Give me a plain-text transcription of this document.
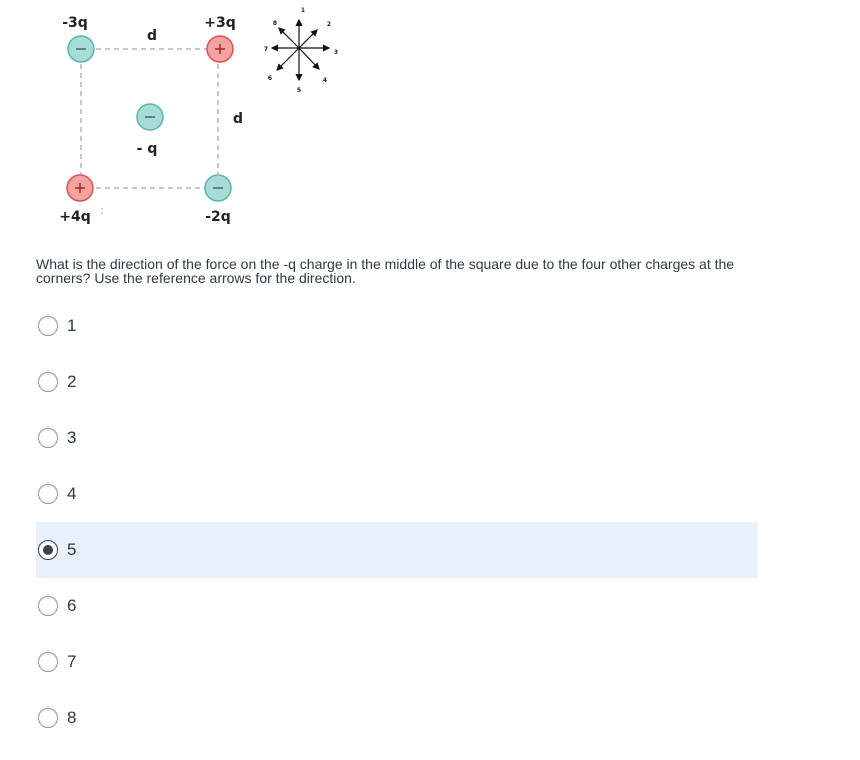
-3q	+3q
- q
+4q	-2q
d
d
1
2
3
4
5
6
7
8

What is the direction of the force on the -q charge in the middle of the square due to the four other charges at the corners? Use the reference arrows for the direction.

1
2
3
4
5
6
7
8
